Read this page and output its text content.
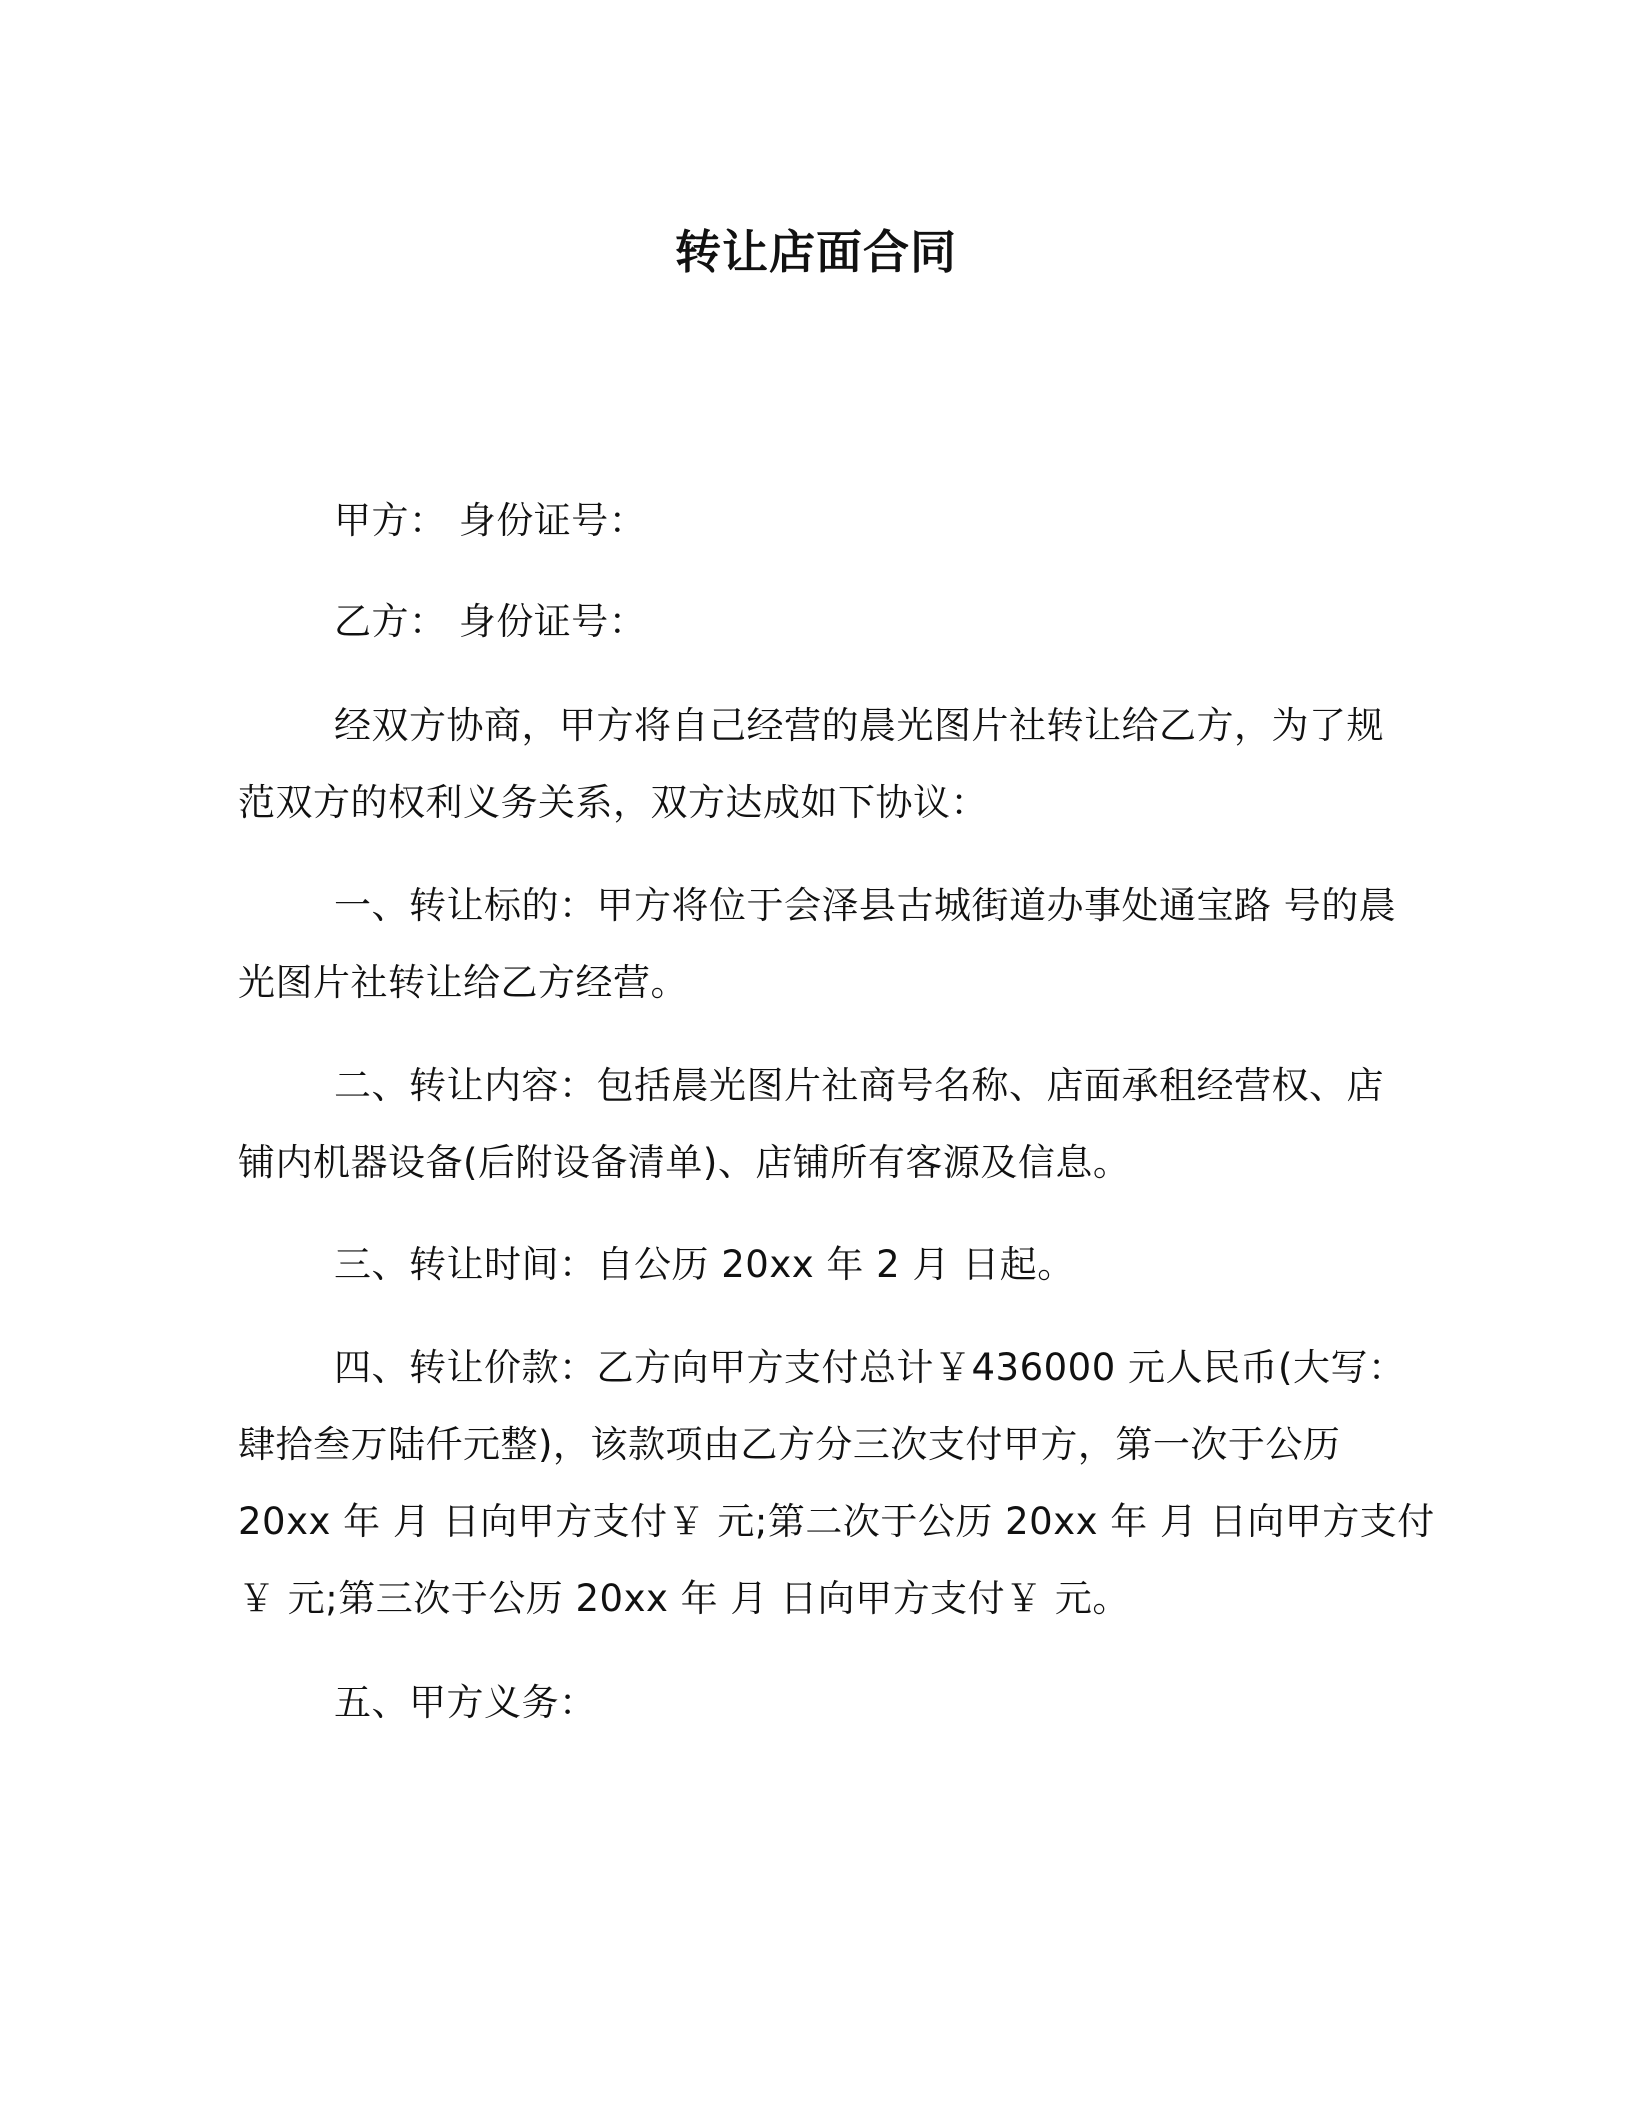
转让店面合同

甲方： 身份证号：

乙方： 身份证号：

经双方协商，甲方将自己经营的晨光图片社转让给乙方，为了规
范双方的权利义务关系，双方达成如下协议：

一、转让标的：甲方将位于会泽县古城街道办事处通宝路 号的晨
光图片社转让给乙方经营。

二、转让内容：包括晨光图片社商号名称、店面承租经营权、店
铺内机器设备(后附设备清单)、店铺所有客源及信息。

三、转让时间：自公历 20xx 年 2 月 日起。

四、转让价款：乙方向甲方支付总计￥436000 元人民币(大写：
肆拾叁万陆仟元整)，该款项由乙方分三次支付甲方，第一次于公历
20xx 年 月 日向甲方支付￥ 元;第二次于公历 20xx 年 月 日向甲方支付
￥ 元;第三次于公历 20xx 年 月 日向甲方支付￥ 元。

五、甲方义务：
